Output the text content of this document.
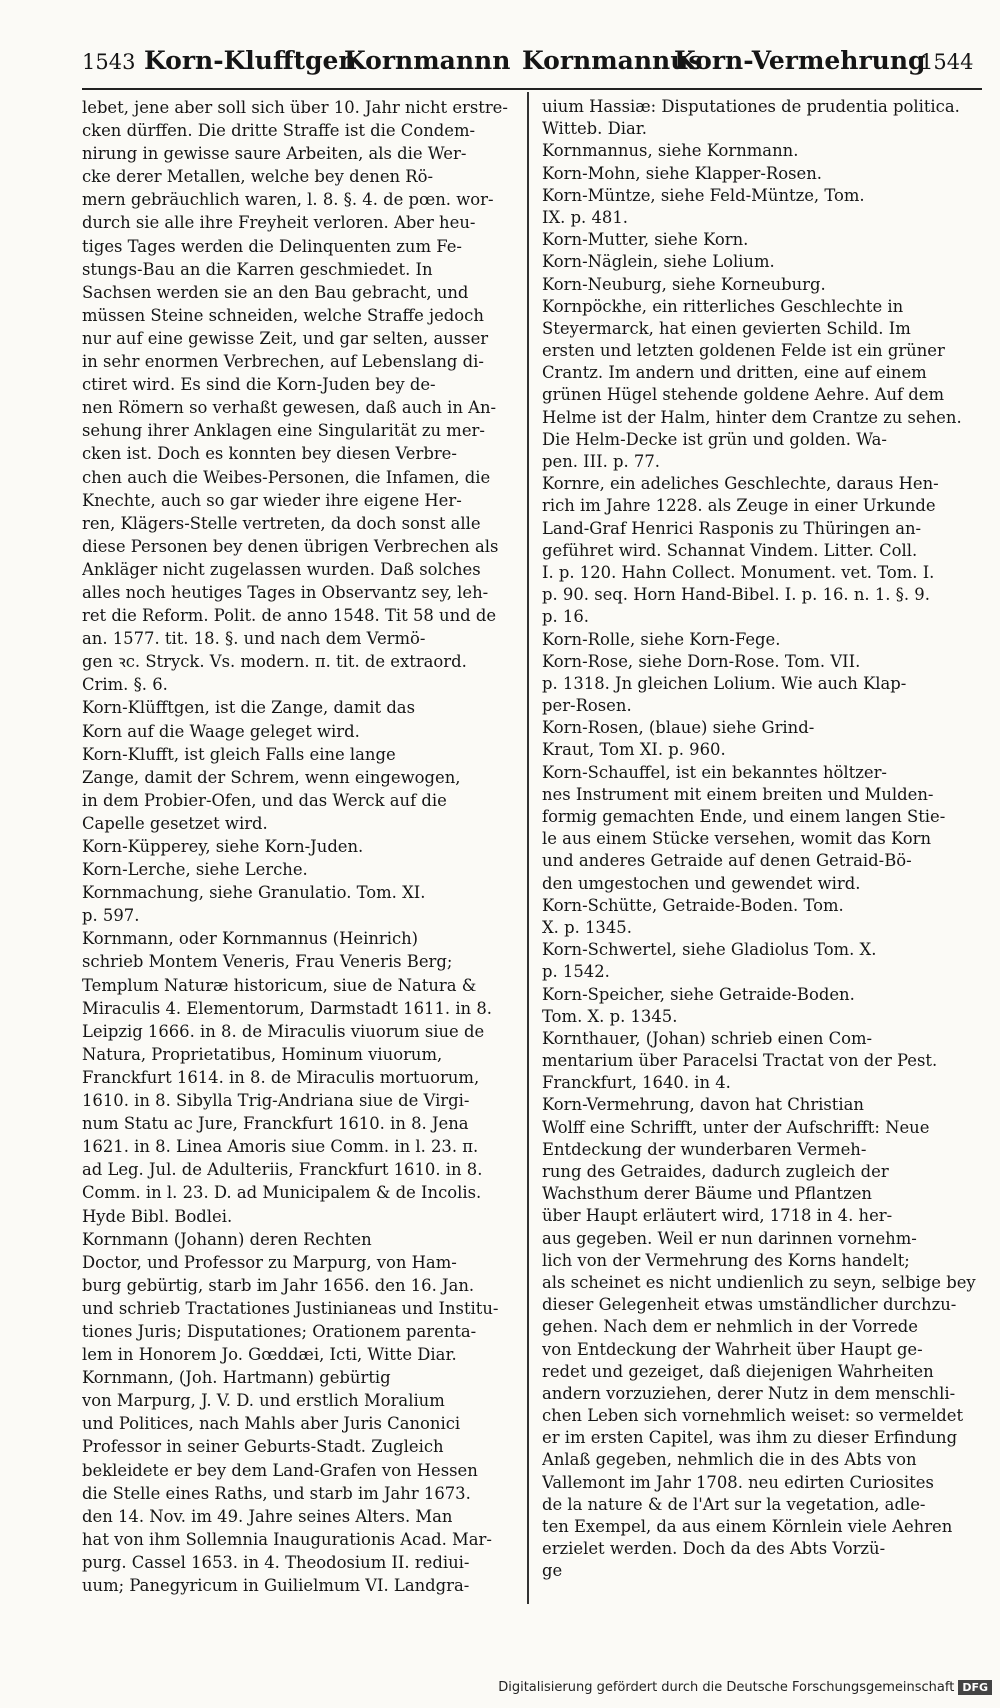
1543 Korn-Klufftgen
Kornmannn Kornmannus
Korn-Vermehrung
1544
lebet, jene aber soll sich über 10. Jahr nicht erstre-
cken dürffen. Die dritte Straffe ist die Condem-
nirung in gewisse saure Arbeiten, als die Wer-
cke derer Metallen, welche bey denen Rö-
mern gebräuchlich waren, l. 8. §. 4. de pœn. wor-
durch sie alle ihre Freyheit verloren. Aber heu-
tiges Tages werden die Delinquenten zum Fe-
stungs-Bau an die Karren geschmiedet. In
Sachsen werden sie an den Bau gebracht, und
müssen Steine schneiden, welche Straffe jedoch
nur auf eine gewisse Zeit, und gar selten, ausser
in sehr enormen Verbrechen, auf Lebenslang di-
ctiret wird. Es sind die Korn-Juden bey de-
nen Römern so verhaßt gewesen, daß auch in An-
sehung ihrer Anklagen eine Singularität zu mer-
cken ist. Doch es konnten bey diesen Verbre-
chen auch die Weibes-Personen, die Infamen, die
Knechte, auch so gar wieder ihre eigene Her-
ren, Klägers-Stelle vertreten, da doch sonst alle
diese Personen bey denen übrigen Verbrechen als
Ankläger nicht zugelassen wurden. Daß solches
alles noch heutiges Tages in Observantz sey, leh-
ret die Reform. Polit. de anno 1548. Tit 58 und de
an. 1577. tit. 18. §. und nach dem Vermö-
gen ꝛc. Stryck. Vs. modern. π. tit. de extraord.
Crim. §. 6.
Korn-Klüfftgen, ist die Zange, damit das
Korn auf die Waage geleget wird.
Korn-Klufft, ist gleich Falls eine lange
Zange, damit der Schrem, wenn eingewogen,
in dem Probier-Ofen, und das Werck auf die
Capelle gesetzet wird.
Korn-Küpperey, siehe Korn-Juden.
Korn-Lerche, siehe Lerche.
Kornmachung, siehe Granulatio. Tom. XI.
p. 597.
Kornmann, oder Kornmannus (Heinrich)
schrieb Montem Veneris, Frau Veneris Berg;
Templum Naturæ historicum, siue de Natura &
Miraculis 4. Elementorum, Darmstadt 1611. in 8.
Leipzig 1666. in 8. de Miraculis viuorum siue de
Natura, Proprietatibus, Hominum viuorum,
Franckfurt 1614. in 8. de Miraculis mortuorum,
1610. in 8. Sibylla Trig-Andriana siue de Virgi-
num Statu ac Jure, Franckfurt 1610. in 8. Jena
1621. in 8. Linea Amoris siue Comm. in l. 23. π.
ad Leg. Jul. de Adulteriis, Franckfurt 1610. in 8.
Comm. in l. 23. D. ad Municipalem & de Incolis.
Hyde Bibl. Bodlei.
Kornmann (Johann) deren Rechten
Doctor, und Professor zu Marpurg, von Ham-
burg gebürtig, starb im Jahr 1656. den 16. Jan.
und schrieb Tractationes Justinianeas und Institu-
tiones Juris; Disputationes; Orationem parenta-
lem in Honorem Jo. Gœddæi, Icti, Witte Diar.
Kornmann, (Joh. Hartmann) gebürtig
von Marpurg, J. V. D. und erstlich Moralium
und Politices, nach Mahls aber Juris Canonici
Professor in seiner Geburts-Stadt. Zugleich
bekleidete er bey dem Land-Grafen von Hessen
die Stelle eines Raths, und starb im Jahr 1673.
den 14. Nov. im 49. Jahre seines Alters. Man
hat von ihm Sollemnia Inaugurationis Acad. Mar-
purg. Cassel 1653. in 4. Theodosium II. rediui-
uum; Panegyricum in Guilielmum VI. Landgra-
uium Hassiæ: Disputationes de prudentia politica.
Witteb. Diar.
Kornmannus, siehe Kornmann.
Korn-Mohn, siehe Klapper-Rosen.
Korn-Müntze, siehe Feld-Müntze, Tom.
IX. p. 481.
Korn-Mutter, siehe Korn.
Korn-Näglein, siehe Lolium.
Korn-Neuburg, siehe Korneuburg.
Kornpöckhe, ein ritterliches Geschlechte in
Steyermarck, hat einen gevierten Schild. Im
ersten und letzten goldenen Felde ist ein grüner
Crantz. Im andern und dritten, eine auf einem
grünen Hügel stehende goldene Aehre. Auf dem
Helme ist der Halm, hinter dem Crantze zu sehen.
Die Helm-Decke ist grün und golden. Wa-
pen. III. p. 77.
Kornre, ein adeliches Geschlechte, daraus Hen-
rich im Jahre 1228. als Zeuge in einer Urkunde
Land-Graf Henrici Rasponis zu Thüringen an-
geführet wird. Schannat Vindem. Litter. Coll.
I. p. 120. Hahn Collect. Monument. vet. Tom. I.
p. 90. seq. Horn Hand-Bibel. I. p. 16. n. 1. §. 9.
p. 16.
Korn-Rolle, siehe Korn-Fege.
Korn-Rose, siehe Dorn-Rose. Tom. VII.
p. 1318. Jn gleichen Lolium. Wie auch Klap-
per-Rosen.
Korn-Rosen, (blaue) siehe Grind-
Kraut, Tom XI. p. 960.
Korn-Schauffel, ist ein bekanntes höltzer-
nes Instrument mit einem breiten und Mulden-
formig gemachten Ende, und einem langen Stie-
le aus einem Stücke versehen, womit das Korn
und anderes Getraide auf denen Getraid-Bö-
den umgestochen und gewendet wird.
Korn-Schütte, Getraide-Boden. Tom.
X. p. 1345.
Korn-Schwertel, siehe Gladiolus Tom. X.
p. 1542.
Korn-Speicher, siehe Getraide-Boden.
Tom. X. p. 1345.
Kornthauer, (Johan) schrieb einen Com-
mentarium über Paracelsi Tractat von der Pest.
Franckfurt, 1640. in 4.
Korn-Vermehrung, davon hat Christian
Wolff eine Schrifft, unter der Aufschrifft: Neue
Entdeckung der wunderbaren Vermeh-
rung des Getraides, dadurch zugleich der
Wachsthum derer Bäume und Pflantzen
über Haupt erläutert wird, 1718 in 4. her-
aus gegeben. Weil er nun darinnen vornehm-
lich von der Vermehrung des Korns handelt;
als scheinet es nicht undienlich zu seyn, selbige bey
dieser Gelegenheit etwas umständlicher durchzu-
gehen. Nach dem er nehmlich in der Vorrede
von Entdeckung der Wahrheit über Haupt ge-
redet und gezeiget, daß diejenigen Wahrheiten
andern vorzuziehen, derer Nutz in dem menschli-
chen Leben sich vornehmlich weiset: so vermeldet
er im ersten Capitel, was ihm zu dieser Erfindung
Anlaß gegeben, nehmlich die in des Abts von
Vallemont im Jahr 1708. neu edirten Curiosites
de la nature & de l'Art sur la vegetation, adle-
ten Exempel, da aus einem Körnlein viele Aehren
erzielet werden. Doch da des Abts Vorzü-
ge
Digitalisierung gefördert durch die Deutsche Forschungsgemeinschaft DFG
